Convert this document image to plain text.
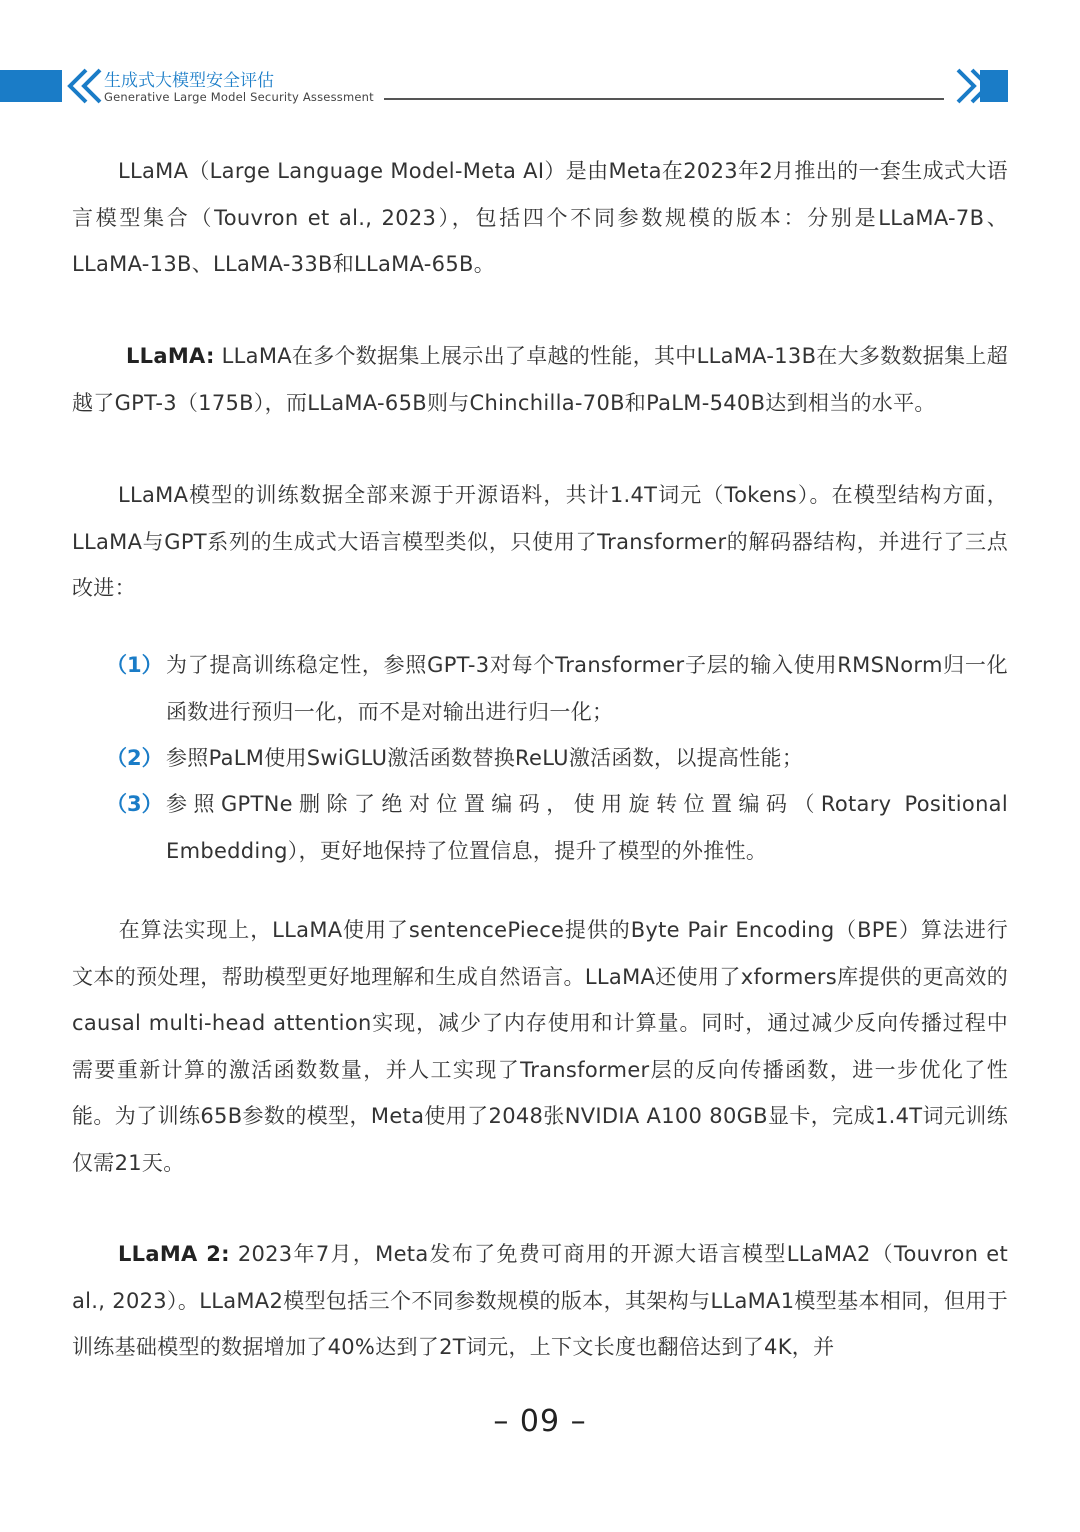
生成式大模型安全评估
Generative Large Model Security Assessment

LLaMA（Large Language Model-Meta AI）是由Meta在2023年2月推出的一套生成式大语言模型集合（Touvron et al., 2023），包括四个不同参数规模的版本：分别是LLaMA-7B、LLaMA-13B、LLaMA-33B和LLaMA-65B。

LLaMA: LLaMA在多个数据集上展示出了卓越的性能，其中LLaMA-13B在大多数数据集上超越了GPT-3（175B），而LLaMA-65B则与Chinchilla-70B和PaLM-540B达到相当的水平。

LLaMA模型的训练数据全部来源于开源语料，共计1.4T词元（Tokens）。在模型结构方面，LLaMA与GPT系列的生成式大语言模型类似，只使用了Transformer的解码器结构，并进行了三点改进：

（1） 为了提高训练稳定性，参照GPT-3对每个Transformer子层的输入使用RMSNorm归一化函数进行预归一化，而不是对输出进行归一化；
（2） 参照PaLM使用SwiGLU激活函数替换ReLU激活函数，以提高性能；
（3） 参照GPTNe删除了绝对位置编码，使用旋转位置编码（Rotary Positional Embedding），更好地保持了位置信息，提升了模型的外推性。

在算法实现上，LLaMA使用了sentencePiece提供的Byte Pair Encoding（BPE）算法进行文本的预处理，帮助模型更好地理解和生成自然语言。LLaMA还使用了xformers库提供的更高效的causal multi-head attention实现，减少了内存使用和计算量。同时，通过减少反向传播过程中需要重新计算的激活函数数量，并人工实现了Transformer层的反向传播函数，进一步优化了性能。为了训练65B参数的模型，Meta使用了2048张NVIDIA A100 80GB显卡，完成1.4T词元训练仅需21天。

LLaMA 2: 2023年7月，Meta发布了免费可商用的开源大语言模型LLaMA2（Touvron et al., 2023）。LLaMA2模型包括三个不同参数规模的版本，其架构与LLaMA1模型基本相同，但用于训练基础模型的数据增加了40%达到了2T词元，上下文长度也翻倍达到了4K，并

– 09 –
